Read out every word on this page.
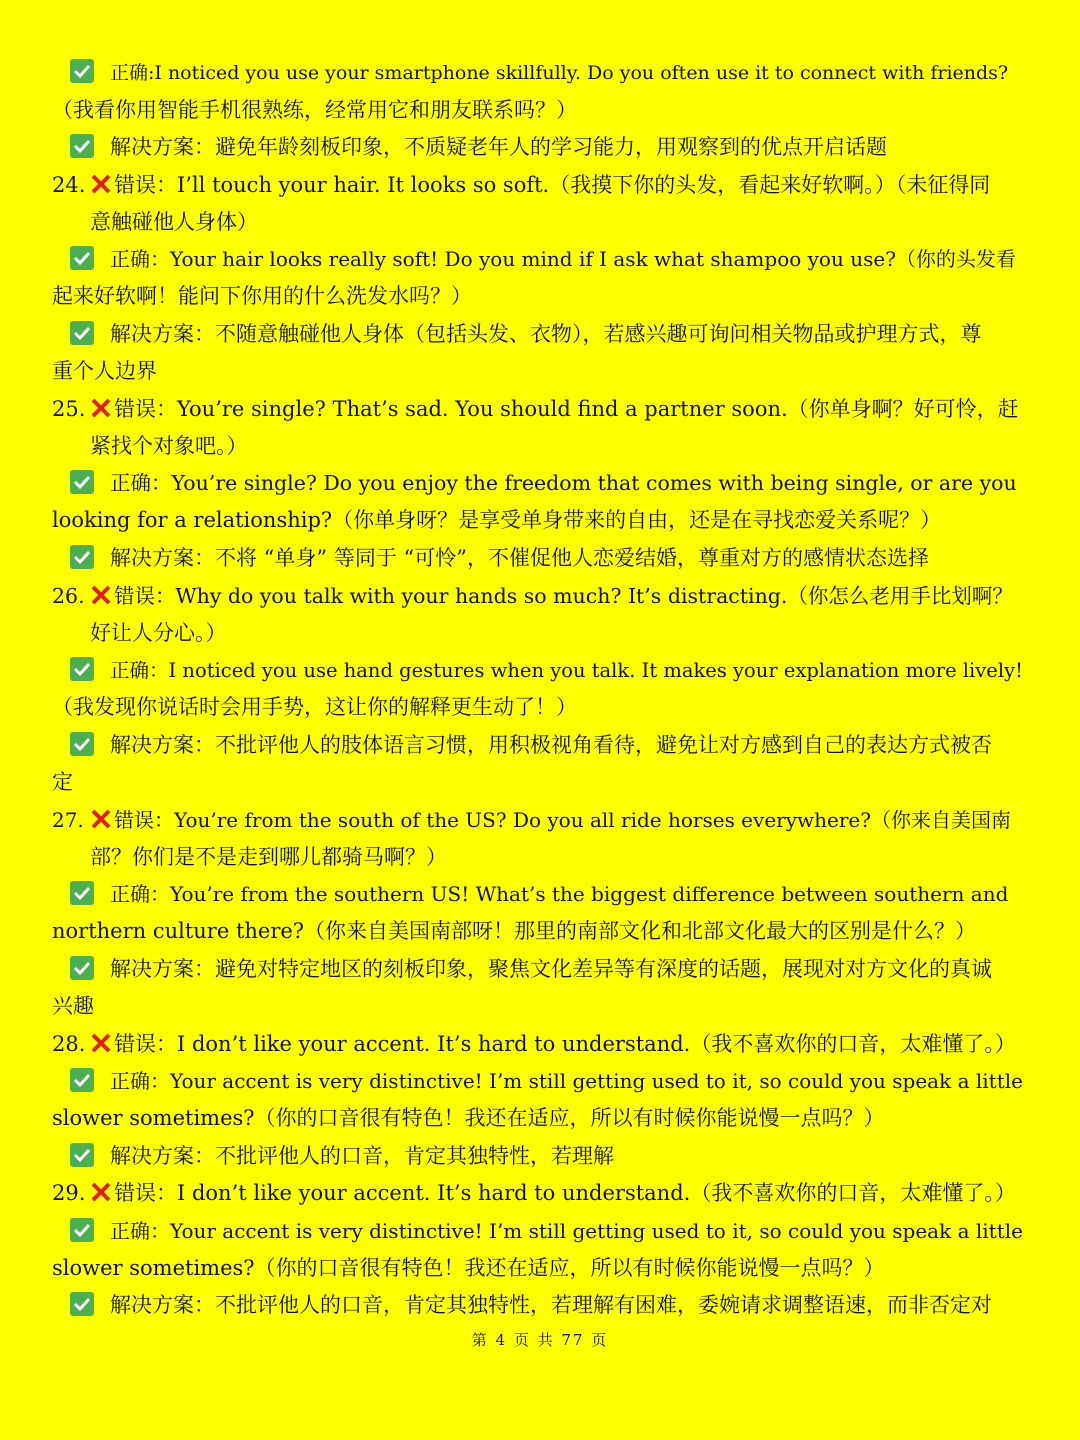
正确:I noticed you use your smartphone skillfully. Do you often use it to connect with friends?
（我看你用智能手机很熟练，经常用它和朋友联系吗？）
解决方案：避免年龄刻板印象，不质疑老年人的学习能力，用观察到的优点开启话题
24. 错误：I’ll touch your hair. It looks so soft.（我摸下你的头发，看起来好软啊。）（未征得同
意触碰他人身体）
正确：Your hair looks really soft! Do you mind if I ask what shampoo you use?（你的头发看
起来好软啊！能问下你用的什么洗发水吗？）
解决方案：不随意触碰他人身体（包括头发、衣物），若感兴趣可询问相关物品或护理方式，尊
重个人边界
25. 错误：You’re single? That’s sad. You should find a partner soon.（你单身啊？好可怜，赶
紧找个对象吧。）
正确：You’re single? Do you enjoy the freedom that comes with being single, or are you
looking for a relationship?（你单身呀？是享受单身带来的自由，还是在寻找恋爱关系呢？）
解决方案：不将 “单身” 等同于 “可怜”，不催促他人恋爱结婚，尊重对方的感情状态选择
26. 错误：Why do you talk with your hands so much? It’s distracting.（你怎么老用手比划啊？
好让人分心。）
正确：I noticed you use hand gestures when you talk. It makes your explanation more lively!
（我发现你说话时会用手势，这让你的解释更生动了！）
解决方案：不批评他人的肢体语言习惯，用积极视角看待，避免让对方感到自己的表达方式被否
定
27. 错误：You’re from the south of the US? Do you all ride horses everywhere?（你来自美国南
部？你们是不是走到哪儿都骑马啊？）
正确：You’re from the southern US! What’s the biggest difference between southern and
northern culture there?（你来自美国南部呀！那里的南部文化和北部文化最大的区别是什么？）
解决方案：避免对特定地区的刻板印象，聚焦文化差异等有深度的话题，展现对对方文化的真诚
兴趣
28. 错误：I don’t like your accent. It’s hard to understand.（我不喜欢你的口音，太难懂了。）
正确：Your accent is very distinctive! I’m still getting used to it, so could you speak a little
slower sometimes?（你的口音很有特色！我还在适应，所以有时候你能说慢一点吗？）
解决方案：不批评他人的口音，肯定其独特性，若理解
29. 错误：I don’t like your accent. It’s hard to understand.（我不喜欢你的口音，太难懂了。）
正确：Your accent is very distinctive! I’m still getting used to it, so could you speak a little
slower sometimes?（你的口音很有特色！我还在适应，所以有时候你能说慢一点吗？）
解决方案：不批评他人的口音，肯定其独特性，若理解有困难，委婉请求调整语速，而非否定对
第 4 页 共 77 页
